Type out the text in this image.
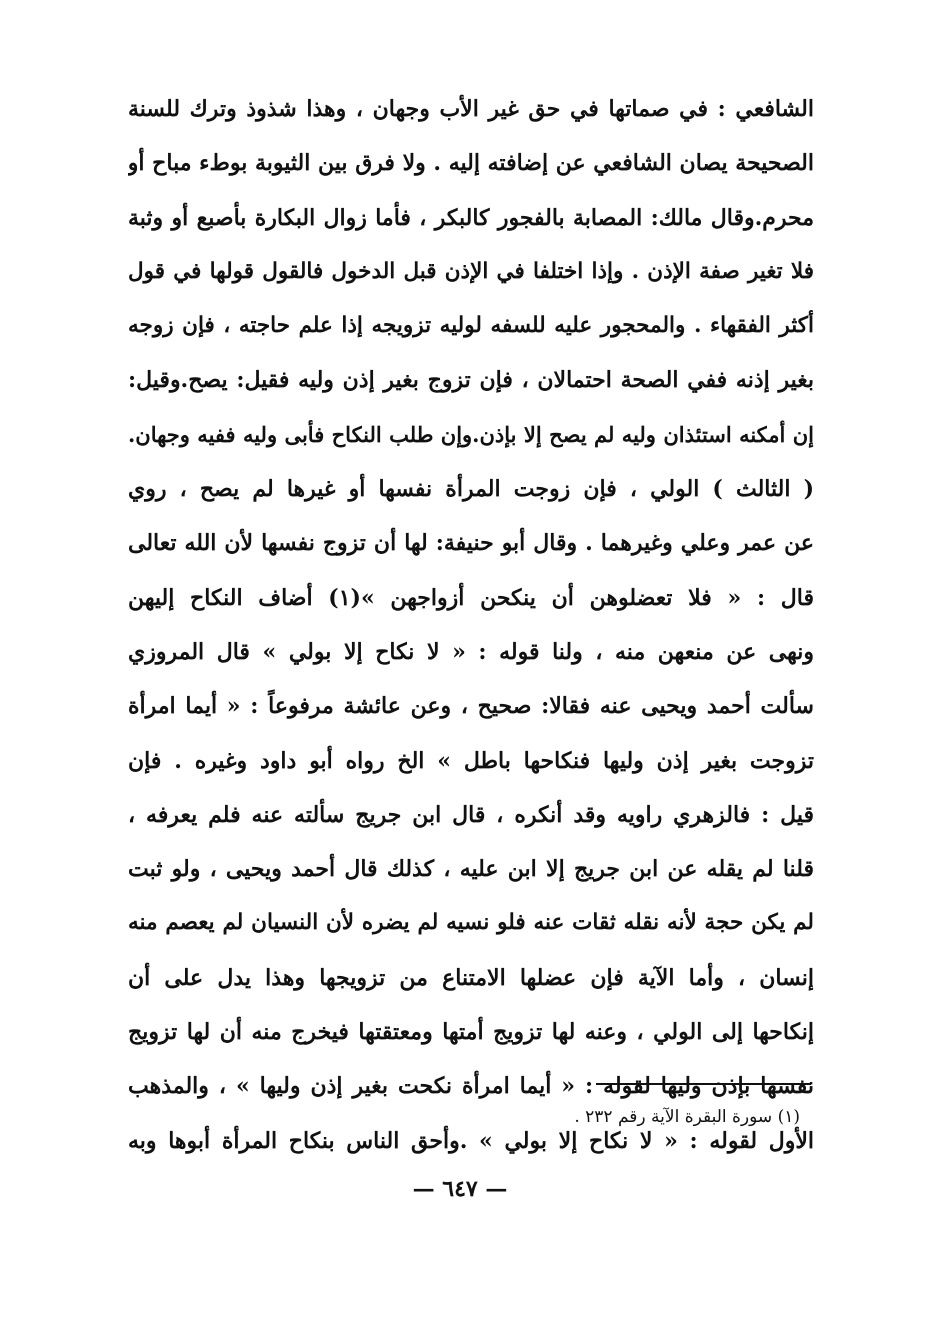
الشافعي : في صماتها في حق غير الأب وجهان ، وهذا شذوذ وترك للسنة
الصحيحة يصان الشافعي عن إضافته إليه . ولا فرق بين الثيوبة بوطء مباح أو
محرم.وقال مالك: المصابة بالفجور كالبكر ، فأما زوال البكارة بأصبع أو وثبة
فلا تغير صفة الإذن . وإذا اختلفا في الإذن قبل الدخول فالقول قولها في قول
أكثر الفقهاء . والمحجور عليه للسفه لوليه تزويجه إذا علم حاجته ، فإن زوجه
بغير إذنه ففي الصحة احتمالان ، فإن تزوج بغير إذن وليه فقيل: يصح.وقيل:
إن أمكنه استئذان وليه لم يصح إلا بإذن.وإن طلب النكاح فأبى وليه ففيه وجهان.
( الثالث ) الولي ، فإن زوجت المرأة نفسها أو غيرها لم يصح ، روي
عن عمر وعلي وغيرهما . وقال أبو حنيفة: لها أن تزوج نفسها لأن الله تعالى
قال : « فلا تعضلوهن أن ينكحن أزواجهن »(١) أضاف النكاح إليهن
ونهى عن منعهن منه ، ولنا قوله : « لا نكاح إلا بولي » قال المروزي
سألت أحمد ويحيى عنه فقالا: صحيح ، وعن عائشة مرفوعاً : « أيما امرأة
تزوجت بغير إذن وليها فنكاحها باطل » الخ رواه أبو داود وغيره . فإن
قيل : فالزهري راويه وقد أنكره ، قال ابن جريج سألته عنه فلم يعرفه ،
قلنا لم يقله عن ابن جريج إلا ابن عليه ، كذلك قال أحمد ويحيى ، ولو ثبت
لم يكن حجة لأنه نقله ثقات عنه فلو نسيه لم يضره لأن النسيان لم يعصم منه
إنسان ، وأما الآية فإن عضلها الامتناع من تزويجها وهذا يدل على أن
إنكاحها إلى الولي ، وعنه لها تزويج أمتها ومعتقتها فيخرج منه أن لها تزويج
نفسها بإذن وليها لقوله : « أيما امرأة نكحت بغير إذن وليها » ، والمذهب
الأول لقوله : « لا نكاح إلا بولي » .وأحق الناس بنكاح المرأة أبوها وبه
(١) سورة البقرة الآية رقم ٢٣٢ .
— ٦٤٧ —
